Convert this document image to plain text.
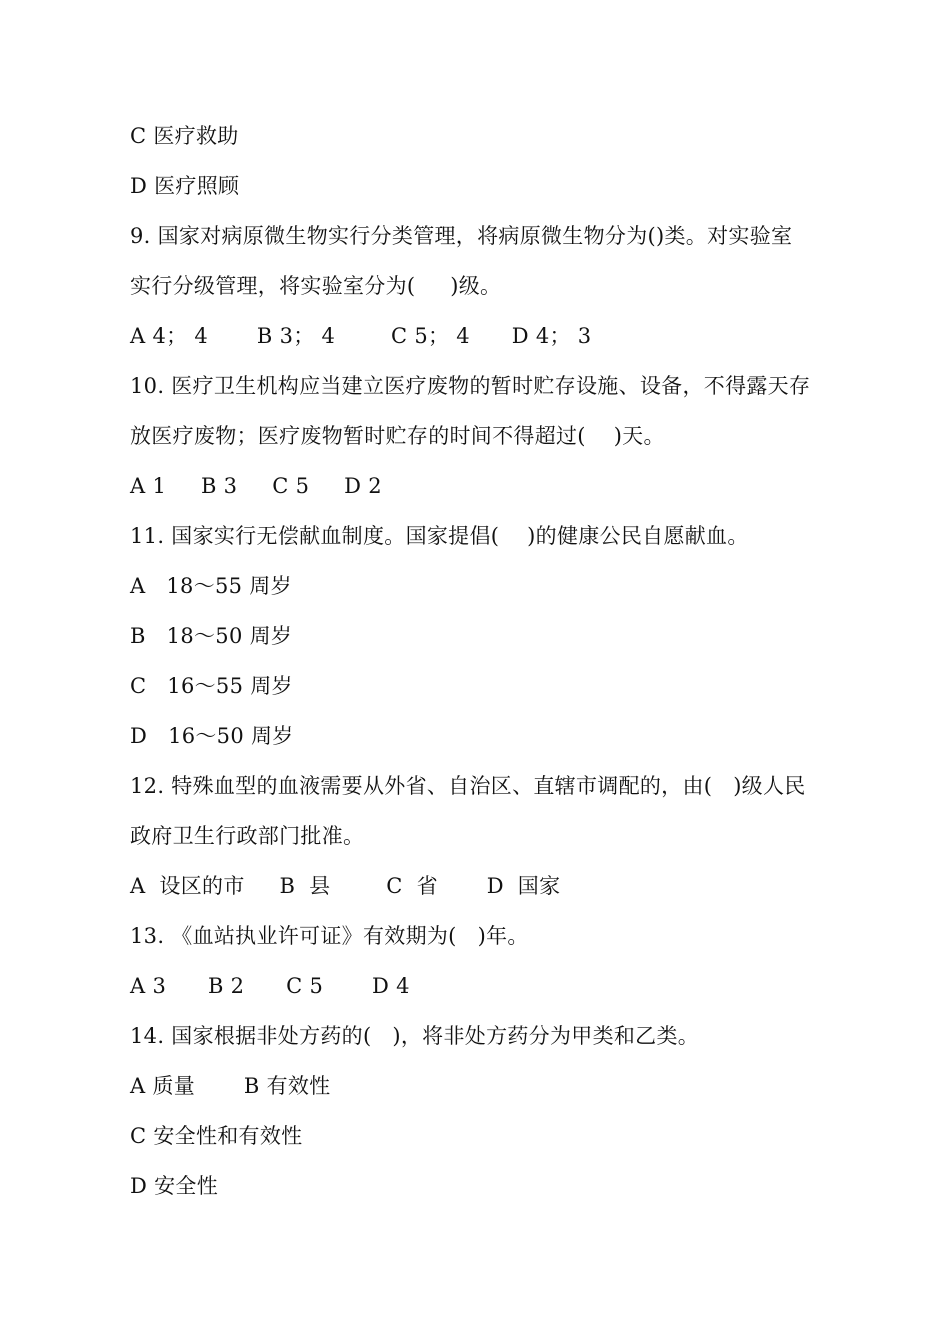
C 医疗救助
D 医疗照顾
9. 国家对病原微生物实行分类管理，将病原微生物分为()类。对实验室
实行分级管理，将实验室分为(     )级。
A 4； 4       B 3； 4        C 5； 4      D 4； 3
10. 医疗卫生机构应当建立医疗废物的暂时贮存设施、设备，不得露天存
放医疗废物；医疗废物暂时贮存的时间不得超过(    )天。
A 1     B 3     C 5     D 2
11. 国家实行无偿献血制度。国家提倡(    )的健康公民自愿献血。
A   18～55 周岁
B   18～50 周岁
C   16～55 周岁
D   16～50 周岁
12. 特殊血型的血液需要从外省、自治区、直辖市调配的，由(   )级人民
政府卫生行政部门批准。
A  设区的市     B  县        C  省       D  国家
13. 《血站执业许可证》有效期为(   )年。
A 3      B 2      C 5       D 4
14. 国家根据非处方药的(   )，将非处方药分为甲类和乙类。
A 质量       B 有效性
C 安全性和有效性
D 安全性
